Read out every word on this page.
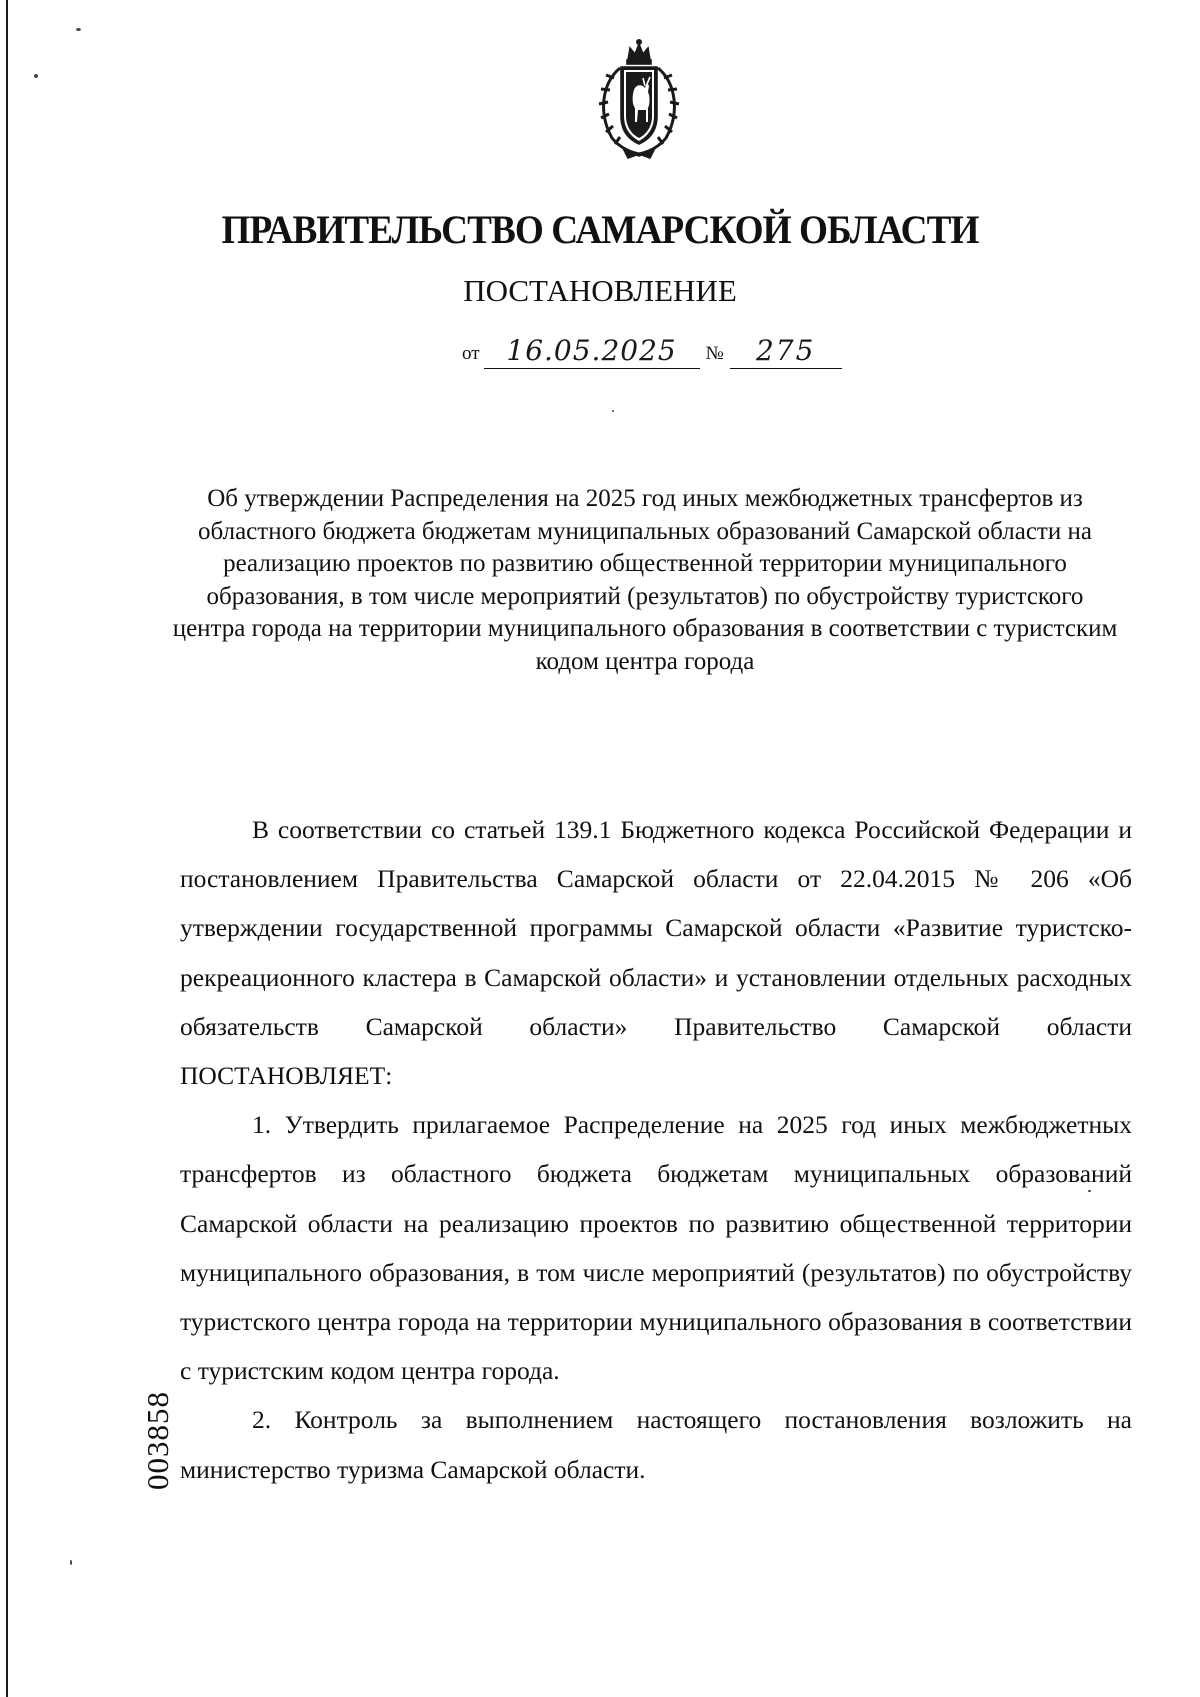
ПРАВИТЕЛЬСТВО САМАРСКОЙ ОБЛАСТИ
ПОСТАНОВЛЕНИЕ
от 16.05.2025 № 275
Об утверждении Распределения на 2025 год иных межбюджетных трансфертов из областного бюджета бюджетам муниципальных образований Самарской области на реализацию проектов по развитию общественной территории муниципального образования, в том числе мероприятий (результатов) по обустройству туристского центра города на территории муниципального образования в соответствии с туристским кодом центра города

В соответствии со статьей 139.1 Бюджетного кодекса Российской Федерации и постановлением Правительства Самарской области от 22.04.2015 № 206 «Об утверждении государственной программы Самарской области «Развитие туристско-рекреационного кластера в Самарской области» и установлении отдельных расходных обязательств Самарской области» Правительство Самарской области ПОСТАНОВЛЯЕТ:

1. Утвердить прилагаемое Распределение на 2025 год иных межбюджетных трансфертов из областного бюджета бюджетам муниципальных образований Самарской области на реализацию проектов по развитию общественной территории муниципального образования, в том числе мероприятий (результатов) по обустройству туристского центра города на территории муниципального образования в соответствии с туристским кодом центра города.

2. Контроль за выполнением настоящего постановления возложить на министерство туризма Самарской области.

003858
